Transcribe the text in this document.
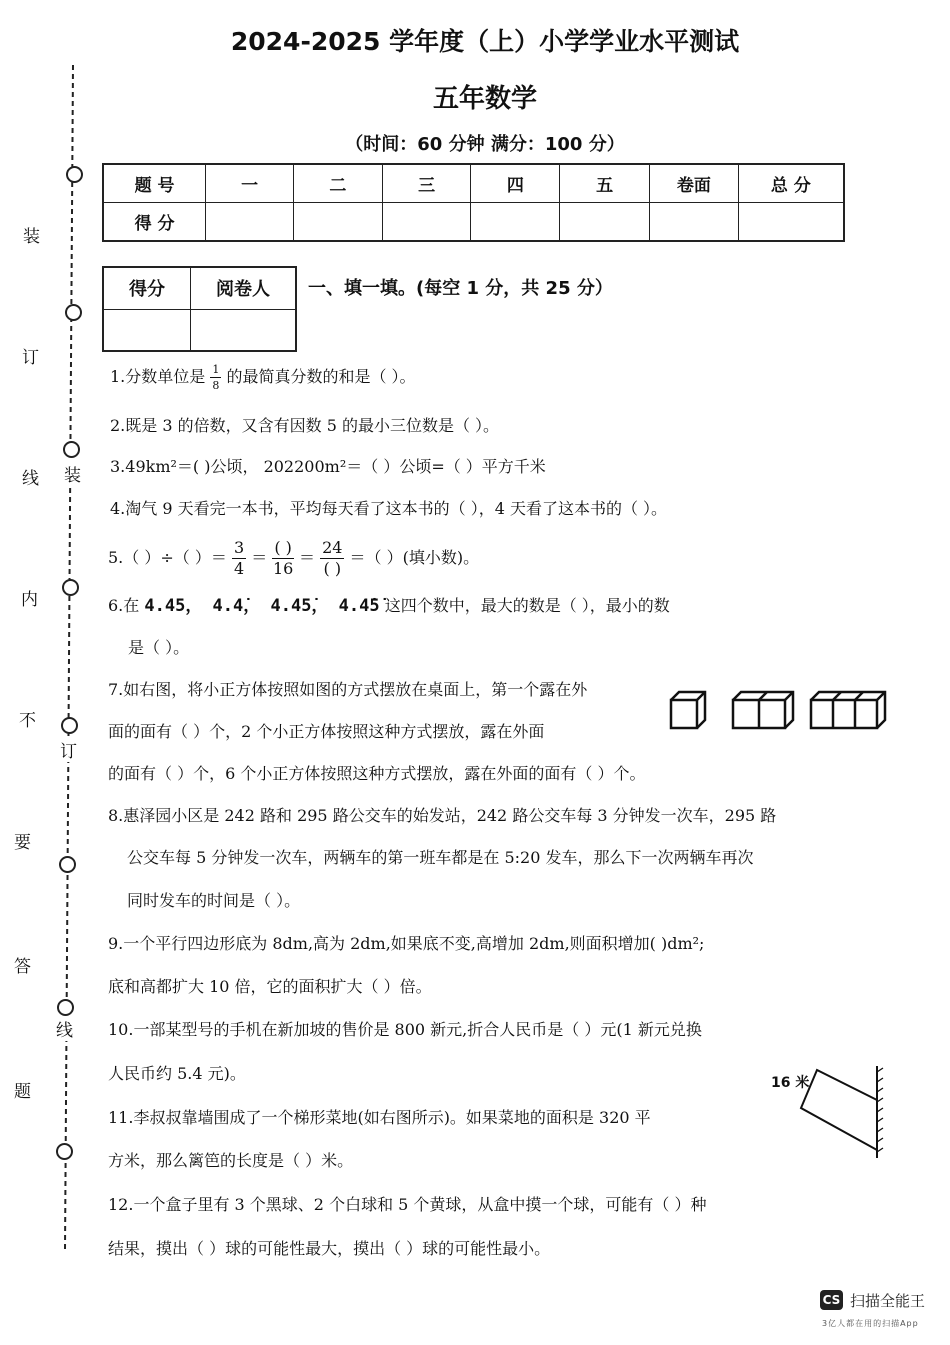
装
订
线
内
不
要
答
题
装
订
线
2024-2025 学年度（上）小学学业水平测试
五年数学
（时间：60 分钟 满分：100 分）
题 号	一	二	三	四	五	卷面	总 分
得 分							
得分	阅卷人
	一、填一填。(每空 1 分，共 25 分）
1.分数单位是 $\frac{1}{8}$ 的最简真分数的和是（ ）。
2.既是 3 的倍数，又含有因数 5 的最小三位数是（ ）。
3.49km²＝( )公顷， 202200m²＝（ ）公顷=（ ）平方千米
4.淘气 9 天看完一本书，平均每天看了这本书的（ ），4 天看了这本书的（ ）。
5.（ ）÷（ ）＝ $\frac{3}{4} = \frac{( )}{16} = \frac{24}{( )}$ ＝（ ）(填小数)。
6.在 4.45， 4.4̇， 4.45̇， 4.4̇5̇ 这四个数中，最大的数是（ ），最小的数
是（ ）。
7.如右图，将小正方体按照如图的方式摆放在桌面上，第一个露在外
面的面有（ ）个，2 个小正方体按照这种方式摆放，露在外面
的面有（ ）个，6 个小正方体按照这种方式摆放，露在外面的面有（ ）个。
8.惠泽园小区是 242 路和 295 路公交车的始发站，242 路公交车每 3 分钟发一次车，295 路
公交车每 5 分钟发一次车，两辆车的第一班车都是在 5:20 发车，那么下一次两辆车再次
同时发车的时间是（ ）。
9.一个平行四边形底为 8dm,高为 2dm,如果底不变,高增加 2dm,则面积增加( )dm²;
底和高都扩大 10 倍，它的面积扩大（ ）倍。
10.一部某型号的手机在新加坡的售价是 800 新元,折合人民币是（ ）元(1 新元兑换
人民币约 5.4 元)。	16 米
11.李叔叔靠墙围成了一个梯形菜地(如右图所示)。如果菜地的面积是 320 平
方米，那么篱笆的长度是（ ）米。
12.一个盒子里有 3 个黑球、2 个白球和 5 个黄球，从盒中摸一个球，可能有（ ）种
结果，摸出（ ）球的可能性最大，摸出（ ）球的可能性最小。
CS 扫描全能王
3亿人都在用的扫描App
